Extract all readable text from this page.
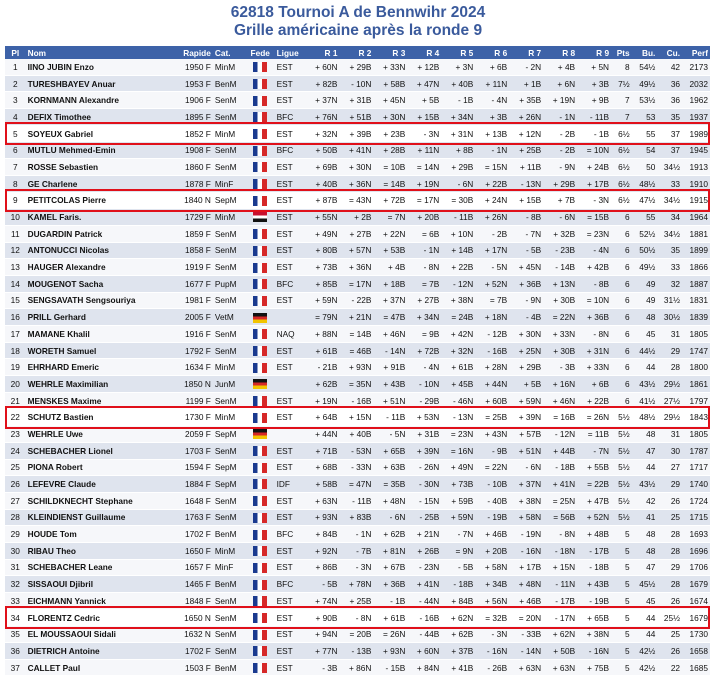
62818 Tournoi A de Bennwihr 2024
Grille américaine après la ronde 9
Pl	Nom	Rapide	Cat.	Fede	Ligue	R 1	R 2	R 3	R 4	R 5	R 6	R 7	R 8	R 9	Pts	Bu.	Cu.	Perf
1	IINO JUBIN Enzo	1950 F	MinM		EST	+ 60N	+ 29B	+ 33N	+ 12B	+ 3N	+ 6B	- 2N	+ 4B	+ 5N	8	54½	42	2173
2	TURESHBAYEV Anuar	1953 F	BenM		EST	+ 82B	- 10N	+ 58B	+ 47N	+ 40B	+ 11N	+ 1B	+ 6N	+ 3B	7½	49½	36	2032
3	KORNMANN Alexandre	1906 F	SenM		EST	+ 37N	+ 31B	+ 45N	+ 5B	- 1B	- 4N	+ 35B	+ 19N	+ 9B	7	53½	36	1962
4	DEFIX Timothee	1895 F	SenM		BFC	+ 76N	+ 51B	+ 30N	+ 15B	+ 34N	+ 3B	+ 26N	- 1N	- 11B	7	53	35	1937
5	SOYEUX Gabriel	1852 F	MinM		EST	+ 32N	+ 39B	+ 23B	- 3N	+ 31N	+ 13B	+ 12N	- 2B	- 1B	6½	55	37	1989
6	MUTLU Mehmed-Emin	1908 F	SenM		BFC	+ 50B	+ 41N	+ 28B	+ 11N	+ 8B	- 1N	+ 25B	- 2B	= 10N	6½	54	37	1945
7	ROSSE Sebastien	1860 F	SenM		EST	+ 69B	+ 30N	= 10B	= 14N	+ 29B	= 15N	+ 11B	- 9N	+ 24B	6½	50	34½	1913
8	GE Charlene	1878 F	MinF		EST	+ 40B	+ 36N	= 14B	+ 19N	- 6N	+ 22B	- 13N	+ 29B	+ 17B	6½	48½	33	1910
9	PETITCOLAS Pierre	1840 N	SepM		EST	+ 87B	= 43N	+ 72B	= 17N	= 30B	+ 24N	+ 15B	+ 7B	- 3N	6½	47½	34½	1915
10	KAMEL Faris.	1729 F	MinM		EST	+ 55N	+ 2B	= 7N	+ 20B	- 11B	+ 26N	- 8B	- 6N	= 15B	6	55	34	1964
11	DUGARDIN Patrick	1859 F	SenM		EST	+ 49N	+ 27B	+ 22N	= 6B	+ 10N	- 2B	- 7N	+ 32B	= 23N	6	52½	34½	1881
12	ANTONUCCI Nicolas	1858 F	SenM		EST	+ 80B	+ 57N	+ 53B	- 1N	+ 14B	+ 17N	- 5B	- 23B	- 4N	6	50½	35	1899
13	HAUGER Alexandre	1919 F	SenM		EST	+ 73B	+ 36N	+ 4B	- 8N	+ 22B	- 5N	+ 45N	- 14B	+ 42B	6	49½	33	1866
14	MOUGENOT Sacha	1677 F	PupM		BFC	+ 85B	= 17N	+ 18B	= 7B	- 12N	+ 52N	+ 36B	+ 13N	- 8B	6	49	32	1887
15	SENGSAVATH Sengsouriya	1981 F	SenM		EST	+ 59N	- 22B	+ 37N	+ 27B	+ 38N	= 7B	- 9N	+ 30B	= 10N	6	49	31½	1831
16	PRILL Gerhard	2005 F	VetM			= 79N	+ 21N	= 47B	+ 34N	= 24B	+ 18N	- 4B	= 22N	+ 36B	6	48	30½	1839
17	MAMANE Khalil	1916 F	SenM		NAQ	+ 88N	= 14B	+ 46N	= 9B	+ 42N	- 12B	+ 30N	+ 33N	- 8N	6	45	31	1805
18	WORETH Samuel	1792 F	SenM		EST	+ 61B	= 46B	- 14N	+ 72B	+ 32N	- 16B	+ 25N	+ 30B	+ 31N	6	44½	29	1747
19	EHRHARD Emeric	1634 F	MinM		EST	- 21B	+ 93N	+ 91B	- 4N	+ 61B	+ 28N	+ 29B	- 3B	+ 33N	6	44	28	1800
20	WEHRLE Maximilian	1850 N	JunM			+ 62B	= 35N	+ 43B	- 10N	+ 45B	+ 44N	+ 5B	+ 16N	+ 6B	6	43½	29½	1861
21	MENSKES Maxime	1199 F	SenM		EST	+ 19N	- 16B	+ 51N	- 29B	- 46N	+ 60B	+ 59N	+ 46N	+ 22B	6	41½	27½	1797
22	SCHUTZ Bastien	1730 F	MinM		EST	+ 64B	+ 15N	- 11B	+ 53N	- 13N	= 25B	+ 39N	= 16B	= 26N	5½	48½	29½	1843
23	WEHRLE Uwe	2059 F	SepM			+ 44N	+ 40B	- 5N	+ 31B	= 23N	+ 43N	+ 57B	- 12N	= 11B	5½	48	31	1805
24	SCHEBACHER Lionel	1703 F	SenM		EST	+ 71B	- 53N	+ 65B	+ 39N	= 16N	- 9B	+ 51N	+ 44B	- 7N	5½	47	30	1787
25	PIONA Robert	1594 F	SepM		EST	+ 68B	- 33N	+ 63B	- 26N	+ 49N	= 22N	- 6N	- 18B	+ 55B	5½	44	27	1717
26	LEFEVRE Claude	1884 F	SepM		IDF	+ 58B	= 47N	= 35B	- 30N	+ 73B	- 10B	+ 37N	+ 41N	= 22B	5½	43½	29	1740
27	SCHILDKNECHT Stephane	1648 F	SenM		EST	+ 63N	- 11B	+ 48N	- 15N	+ 59B	- 40B	+ 38N	= 25N	+ 47B	5½	42	26	1724
28	KLEINDIENST Guillaume	1763 F	SenM		EST	+ 93N	+ 83B	- 6N	- 25B	+ 59N	- 19B	+ 58N	= 56B	+ 52N	5½	41	25	1715
29	HOUDE Tom	1702 F	BenM		BFC	+ 84B	- 1N	+ 62B	+ 21N	- 7N	+ 46B	- 19N	- 8N	+ 48B	5	48	28	1693
30	RIBAU Theo	1650 F	MinM		EST	+ 92N	- 7B	+ 81N	+ 26B	= 9N	+ 20B	- 16N	- 18N	- 17B	5	48	28	1696
31	SCHEBACHER Leane	1657 F	MinF		EST	+ 86B	- 3N	+ 67B	- 23N	- 5B	+ 58N	+ 17B	+ 15N	- 18B	5	47	29	1706
32	SISSAOUI Djibril	1465 F	BenM		BFC	- 5B	+ 78N	+ 36B	+ 41N	- 18B	+ 34B	+ 48N	- 11N	+ 43B	5	45½	28	1679
33	EICHMANN Yannick	1848 F	SenM		EST	+ 74N	+ 25B	- 1B	- 44N	+ 84B	+ 56N	+ 46B	- 17B	- 19B	5	45	26	1674
34	FLORENTZ Cedric	1650 N	SenM		EST	+ 90B	- 8N	+ 61B	- 16B	+ 62N	= 32B	= 20N	- 17N	+ 65B	5	44	25½	1679
35	EL MOUSSAOUI Sidali	1632 N	SenM		EST	+ 94N	= 20B	= 26N	- 44B	+ 62B	- 3N	- 33B	+ 62N	+ 38N	5	44	25	1730
36	DIETRICH Antoine	1702 F	SenM		EST	+ 77N	- 13B	+ 93N	+ 60N	+ 37B	- 16N	- 14N	+ 50B	- 16N	5	42½	26	1658
37	CALLET Paul	1503 F	BenM		EST	- 3B	+ 86N	- 15B	+ 84N	+ 41B	- 26B	+ 63N	+ 63N	+ 75B	5	42½	22	1685
